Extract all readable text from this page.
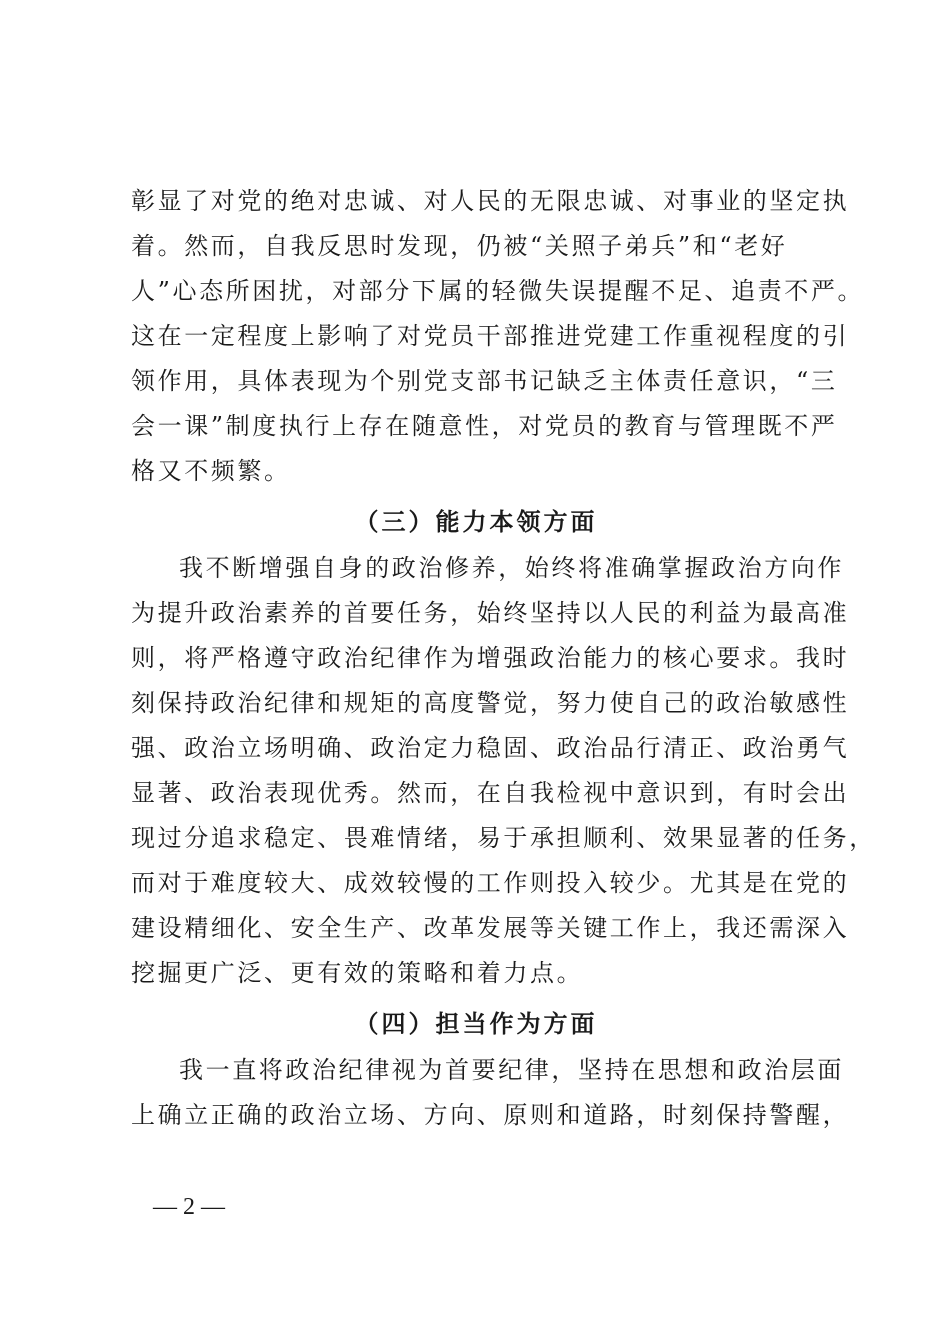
彰显了对党的绝对忠诚、对人民的无限忠诚、对事业的坚定执
着。然而，自我反思时发现，仍被“关照子弟兵”和“老好
人”心态所困扰，对部分下属的轻微失误提醒不足、追责不严。
这在一定程度上影响了对党员干部推进党建工作重视程度的引
领作用，具体表现为个别党支部书记缺乏主体责任意识，“三
会一课”制度执行上存在随意性，对党员的教育与管理既不严
格又不频繁。
（三）能力本领方面
我不断增强自身的政治修养，始终将准确掌握政治方向作
为提升政治素养的首要任务，始终坚持以人民的利益为最高准
则，将严格遵守政治纪律作为增强政治能力的核心要求。我时
刻保持政治纪律和规矩的高度警觉，努力使自己的政治敏感性
强、政治立场明确、政治定力稳固、政治品行清正、政治勇气
显著、政治表现优秀。然而，在自我检视中意识到，有时会出
现过分追求稳定、畏难情绪，易于承担顺利、效果显著的任务，
而对于难度较大、成效较慢的工作则投入较少。尤其是在党的
建设精细化、安全生产、改革发展等关键工作上，我还需深入
挖掘更广泛、更有效的策略和着力点。
（四）担当作为方面
我一直将政治纪律视为首要纪律，坚持在思想和政治层面
上确立正确的政治立场、方向、原则和道路，时刻保持警醒，
— 2 —
